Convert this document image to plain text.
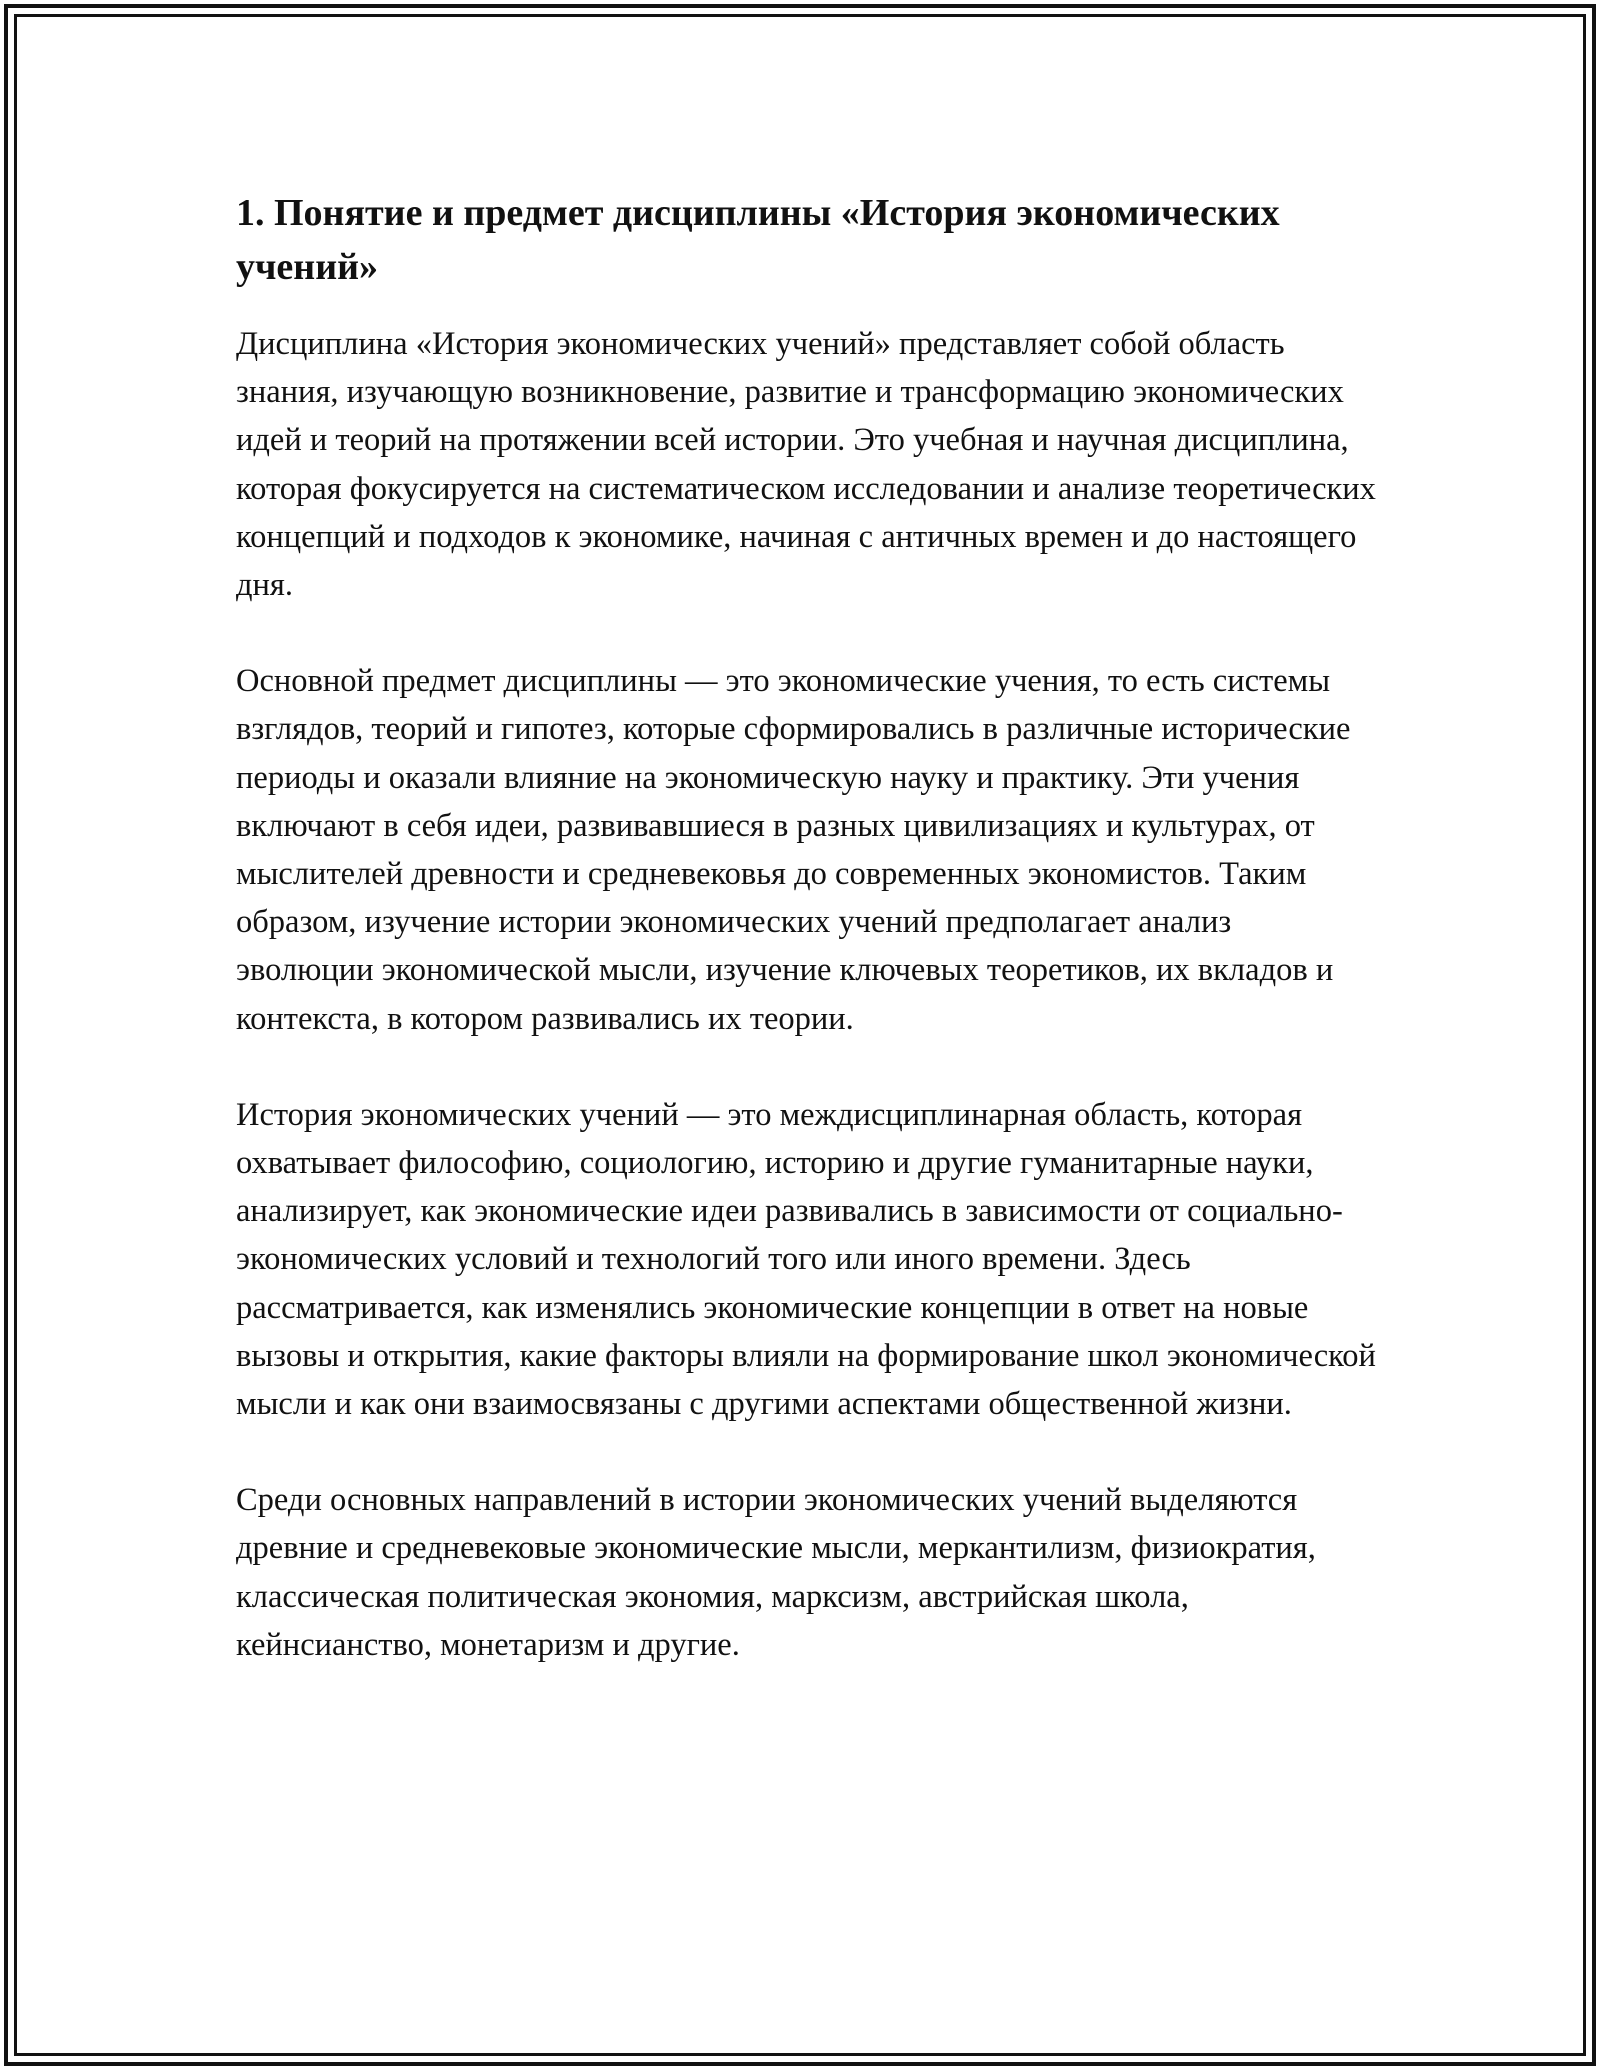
1. Понятие и предмет дисциплины «История экономических учений»

Дисциплина «История экономических учений» представляет собой область знания, изучающую возникновение, развитие и трансформацию экономических идей и теорий на протяжении всей истории. Это учебная и научная дисциплина, которая фокусируется на систематическом исследовании и анализе теоретических концепций и подходов к экономике, начиная с античных времен и до настоящего дня.

Основной предмет дисциплины — это экономические учения, то есть системы взглядов, теорий и гипотез, которые сформировались в различные исторические периоды и оказали влияние на экономическую науку и практику. Эти учения включают в себя идеи, развивавшиеся в разных цивилизациях и культурах, от мыслителей древности и средневековья до современных экономистов. Таким образом, изучение истории экономических учений предполагает анализ эволюции экономической мысли, изучение ключевых теоретиков, их вкладов и контекста, в котором развивались их теории.

История экономических учений — это междисциплинарная область, которая охватывает философию, социологию, историю и другие гуманитарные науки, анализирует, как экономические идеи развивались в зависимости от социально-экономических условий и технологий того или иного времени. Здесь рассматривается, как изменялись экономические концепции в ответ на новые вызовы и открытия, какие факторы влияли на формирование школ экономической мысли и как они взаимосвязаны с другими аспектами общественной жизни.

Среди основных направлений в истории экономических учений выделяются древние и средневековые экономические мысли, меркантилизм, физиократия, классическая политическая экономия, марксизм, австрийская школа, кейнсианство, монетаризм и другие.
